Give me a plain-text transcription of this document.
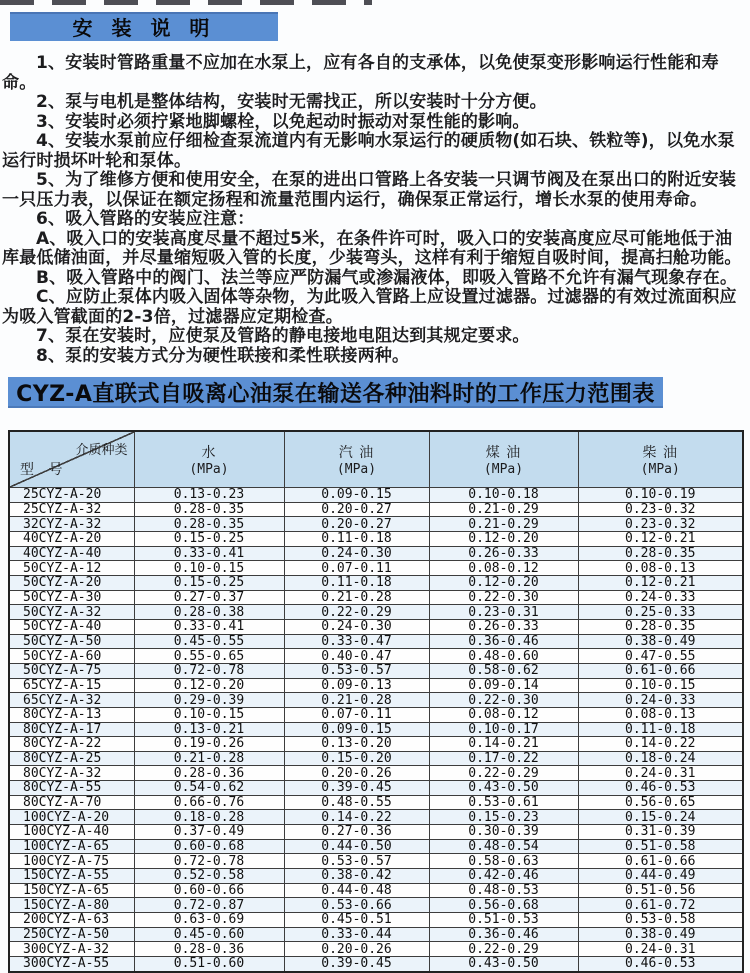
安 装 说 明

1、安装时管路重量不应加在水泵上，应有各自的支承体，以免使泵变形影响运行性能和寿命。

2、泵与电机是整体结构，安装时无需找正，所以安装时十分方便。

3、安装时必须拧紧地脚螺栓，以免起动时振动对泵性能的影响。

4、安装水泵前应仔细检查泵流道内有无影响水泵运行的硬质物(如石块、铁粒等)，以免水泵运行时损坏叶轮和泵体。

5、为了维修方便和使用安全，在泵的进出口管路上各安装一只调节阀及在泵出口的附近安装一只压力表，以保证在额定扬程和流量范围内运行，确保泵正常运行，增长水泵的使用寿命。

6、吸入管路的安装应注意：

A、吸入口的安装高度尽量不超过5米，在条件许可时，吸入口的安装高度应尽可能地低于油库最低储油面，并尽量缩短吸入管的长度，少装弯头，这样有利于缩短自吸时间，提高扫舱功能。

B、吸入管路中的阀门、法兰等应严防漏气或渗漏液体，即吸入管路不允许有漏气现象存在。

C、应防止泵体内吸入固体等杂物，为此吸入管路上应设置过滤器。过滤器的有效过流面积应为吸入管截面的2-3倍，过滤器应定期检查。

7、泵在安装时，应使泵及管路的静电接地电阻达到其规定要求。

8、泵的安装方式分为硬性联接和柔性联接两种。

CYZ-A直联式自吸离心油泵在输送各种油料时的工作压力范围表
介质种类
型 号

水
(MPa)

汽 油
(MPa)

煤 油
(MPa)

柴 油
(MPa)

25CYZ-A-20	0.13-0.23	0.09-0.15	0.10-0.18	0.10-0.19
25CYZ-A-32	0.28-0.35	0.20-0.27	0.21-0.29	0.23-0.32
32CYZ-A-32	0.28-0.35	0.20-0.27	0.21-0.29	0.23-0.32
40CYZ-A-20	0.15-0.25	0.11-0.18	0.12-0.20	0.12-0.21
40CYZ-A-40	0.33-0.41	0.24-0.30	0.26-0.33	0.28-0.35
50CYZ-A-12	0.10-0.15	0.07-0.11	0.08-0.12	0.08-0.13
50CYZ-A-20	0.15-0.25	0.11-0.18	0.12-0.20	0.12-0.21
50CYZ-A-30	0.27-0.37	0.21-0.28	0.22-0.30	0.24-0.33
50CYZ-A-32	0.28-0.38	0.22-0.29	0.23-0.31	0.25-0.33
50CYZ-A-40	0.33-0.41	0.24-0.30	0.26-0.33	0.28-0.35
50CYZ-A-50	0.45-0.55	0.33-0.47	0.36-0.46	0.38-0.49
50CYZ-A-60	0.55-0.65	0.40-0.47	0.48-0.60	0.47-0.55
50CYZ-A-75	0.72-0.78	0.53-0.57	0.58-0.62	0.61-0.66
65CYZ-A-15	0.12-0.20	0.09-0.13	0.09-0.14	0.10-0.15
65CYZ-A-32	0.29-0.39	0.21-0.28	0.22-0.30	0.24-0.33
80CYZ-A-13	0.10-0.15	0.07-0.11	0.08-0.12	0.08-0.13
80CYZ-A-17	0.13-0.21	0.09-0.15	0.10-0.17	0.11-0.18
80CYZ-A-22	0.19-0.26	0.13-0.20	0.14-0.21	0.14-0.22
80CYZ-A-25	0.21-0.28	0.15-0.20	0.17-0.22	0.18-0.24
80CYZ-A-32	0.28-0.36	0.20-0.26	0.22-0.29	0.24-0.31
80CYZ-A-55	0.54-0.62	0.39-0.45	0.43-0.50	0.46-0.53
80CYZ-A-70	0.66-0.76	0.48-0.55	0.53-0.61	0.56-0.65
100CYZ-A-20	0.18-0.28	0.14-0.22	0.15-0.23	0.15-0.24
100CYZ-A-40	0.37-0.49	0.27-0.36	0.30-0.39	0.31-0.39
100CYZ-A-65	0.60-0.68	0.44-0.50	0.48-0.54	0.51-0.58
100CYZ-A-75	0.72-0.78	0.53-0.57	0.58-0.63	0.61-0.66
150CYZ-A-55	0.52-0.58	0.38-0.42	0.42-0.46	0.44-0.49
150CYZ-A-65	0.60-0.66	0.44-0.48	0.48-0.53	0.51-0.56
150CYZ-A-80	0.72-0.87	0.53-0.66	0.56-0.68	0.61-0.72
200CYZ-A-63	0.63-0.69	0.45-0.51	0.51-0.53	0.53-0.58
250CYZ-A-50	0.45-0.60	0.33-0.44	0.36-0.46	0.38-0.49
300CYZ-A-32	0.28-0.36	0.20-0.26	0.22-0.29	0.24-0.31
300CYZ-A-55	0.51-0.60	0.39-0.45	0.43-0.50	0.46-0.53
